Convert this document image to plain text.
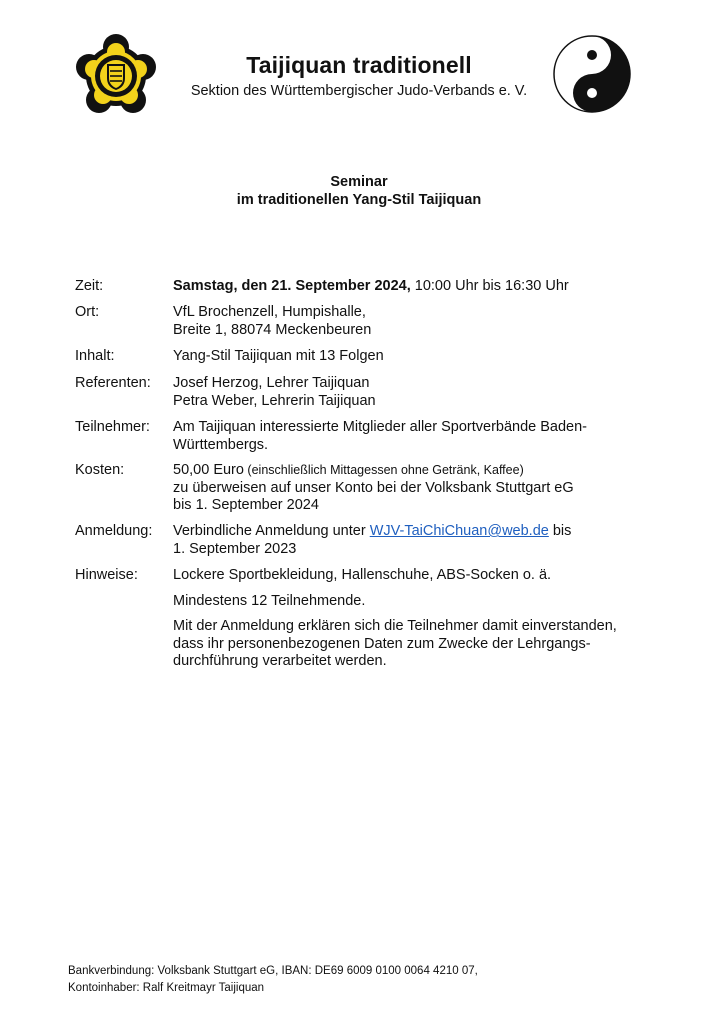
Taijiquan traditionell
Sektion des Württembergischer Judo-Verbands e. V.
Seminar
im traditionellen Yang-Stil Taijiquan
Zeit:	Samstag, den 21. September 2024, 10:00 Uhr bis 16:30 Uhr
Ort:	VfL Brochenzell, Humpishalle,
Breite 1, 88074 Meckenbeuren
Inhalt:	Yang-Stil Taijiquan mit 13 Folgen
Referenten: Josef Herzog, Lehrer Taijiquan
Petra Weber, Lehrerin Taijiquan
Teilnehmer: Am Taijiquan interessierte Mitglieder aller Sportverbände Baden-
Württembergs.
Kosten:	50,00 Euro (einschließlich Mittagessen ohne Getränk, Kaffee)
zu überweisen auf unser Konto bei der Volksbank Stuttgart eG
bis 1. September 2024
Anmeldung: Verbindliche Anmeldung unter WJV-TaiChiChuan@web.de bis
1. September 2023
Hinweise: Lockere Sportbekleidung, Hallenschuhe, ABS-Socken o. ä.
Mindestens 12 Teilnehmende.
Mit der Anmeldung erklären sich die Teilnehmer damit einverstanden,
dass ihr personenbezogenen Daten zum Zwecke der Lehrgangs-
durchführung verarbeitet werden.
Bankverbindung: Volksbank Stuttgart eG, IBAN: DE69 6009 0100 0064 4210 07,
Kontoinhaber: Ralf Kreitmayr Taijiquan
